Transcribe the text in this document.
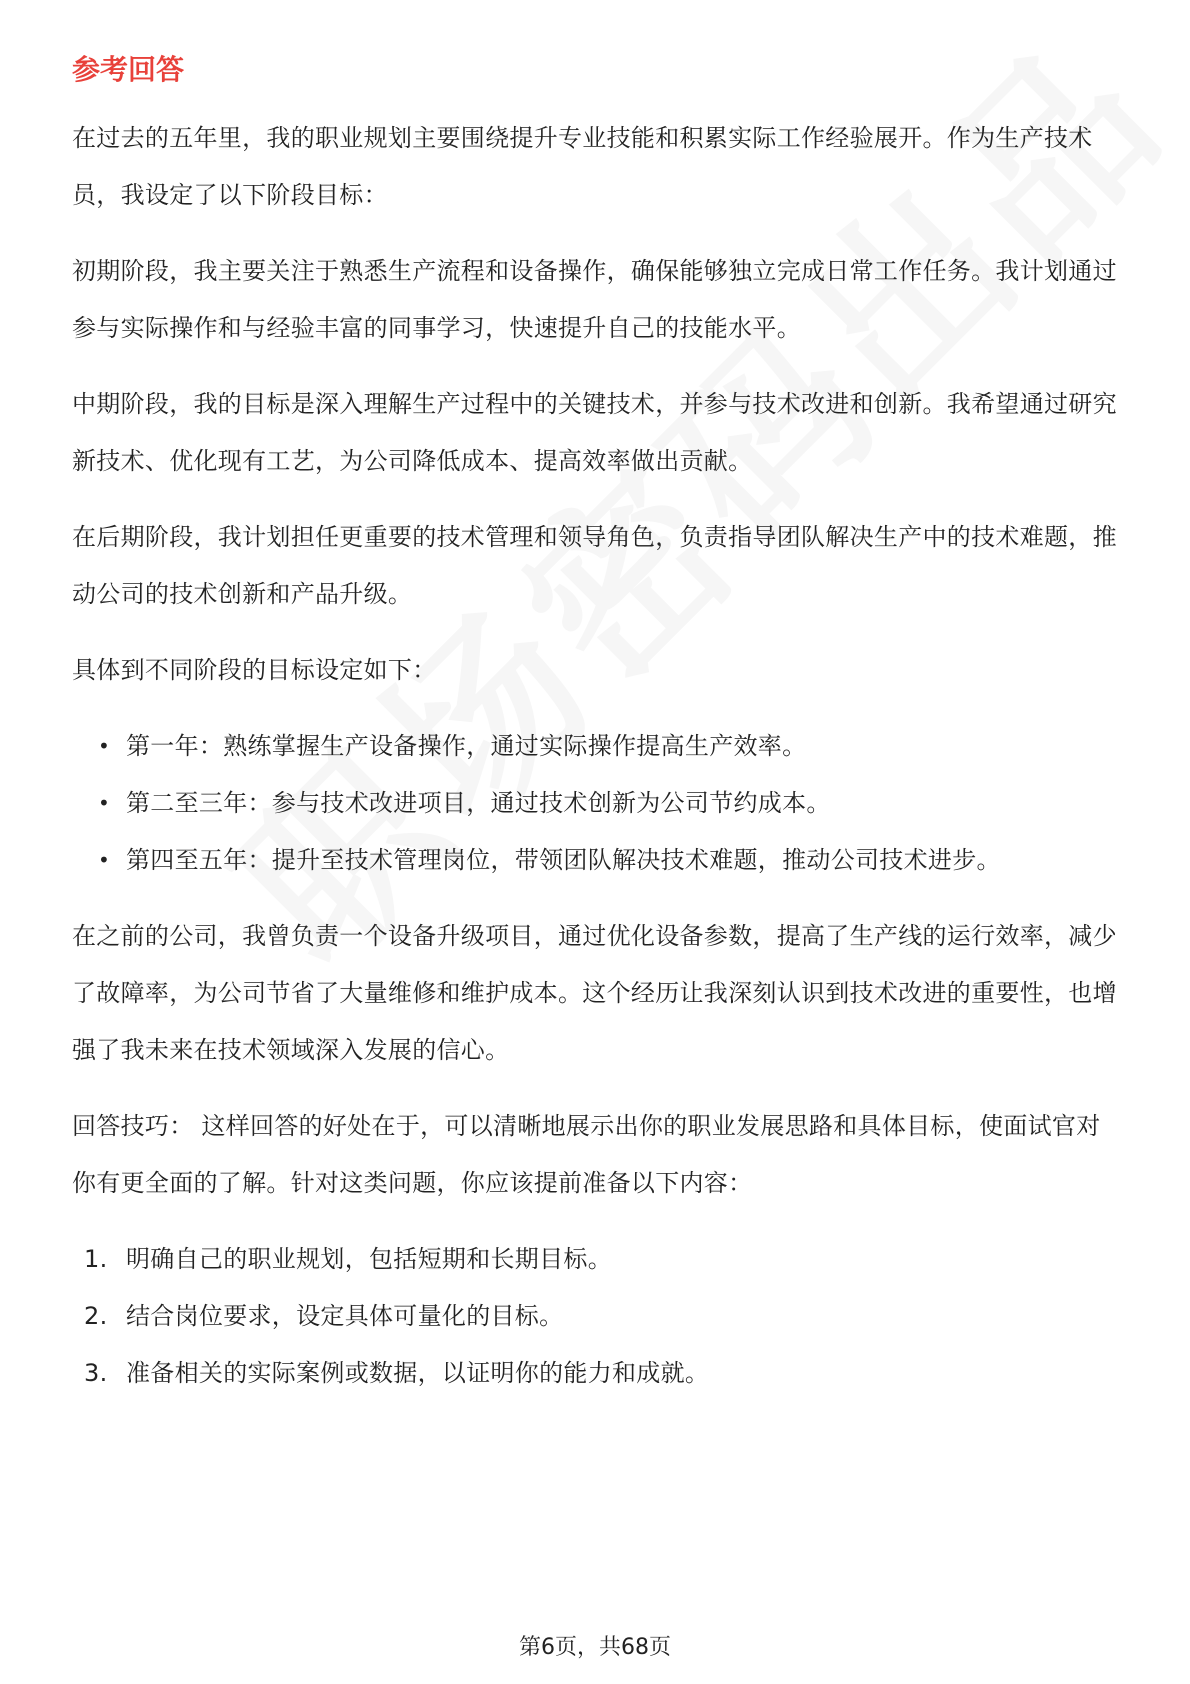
参考回答

在过去的五年里，我的职业规划主要围绕提升专业技能和积累实际工作经验展开。作为生产技术员，我设定了以下阶段目标：

初期阶段，我主要关注于熟悉生产流程和设备操作，确保能够独立完成日常工作任务。我计划通过参与实际操作和与经验丰富的同事学习，快速提升自己的技能水平。

中期阶段，我的目标是深入理解生产过程中的关键技术，并参与技术改进和创新。我希望通过研究新技术、优化现有工艺，为公司降低成本、提高效率做出贡献。

在后期阶段，我计划担任更重要的技术管理和领导角色，负责指导团队解决生产中的技术难题，推动公司的技术创新和产品升级。

具体到不同阶段的目标设定如下：

• 第一年：熟练掌握生产设备操作，通过实际操作提高生产效率。
• 第二至三年：参与技术改进项目，通过技术创新为公司节约成本。
• 第四至五年：提升至技术管理岗位，带领团队解决技术难题，推动公司技术进步。

在之前的公司，我曾负责一个设备升级项目，通过优化设备参数，提高了生产线的运行效率，减少了故障率，为公司节省了大量维修和维护成本。这个经历让我深刻认识到技术改进的重要性，也增强了我未来在技术领域深入发展的信心。

回答技巧： 这样回答的好处在于，可以清晰地展示出你的职业发展思路和具体目标，使面试官对你有更全面的了解。针对这类问题，你应该提前准备以下内容：

1. 明确自己的职业规划，包括短期和长期目标。
2. 结合岗位要求，设定具体可量化的目标。
3. 准备相关的实际案例或数据，以证明你的能力和成就。
第6页，共68页
